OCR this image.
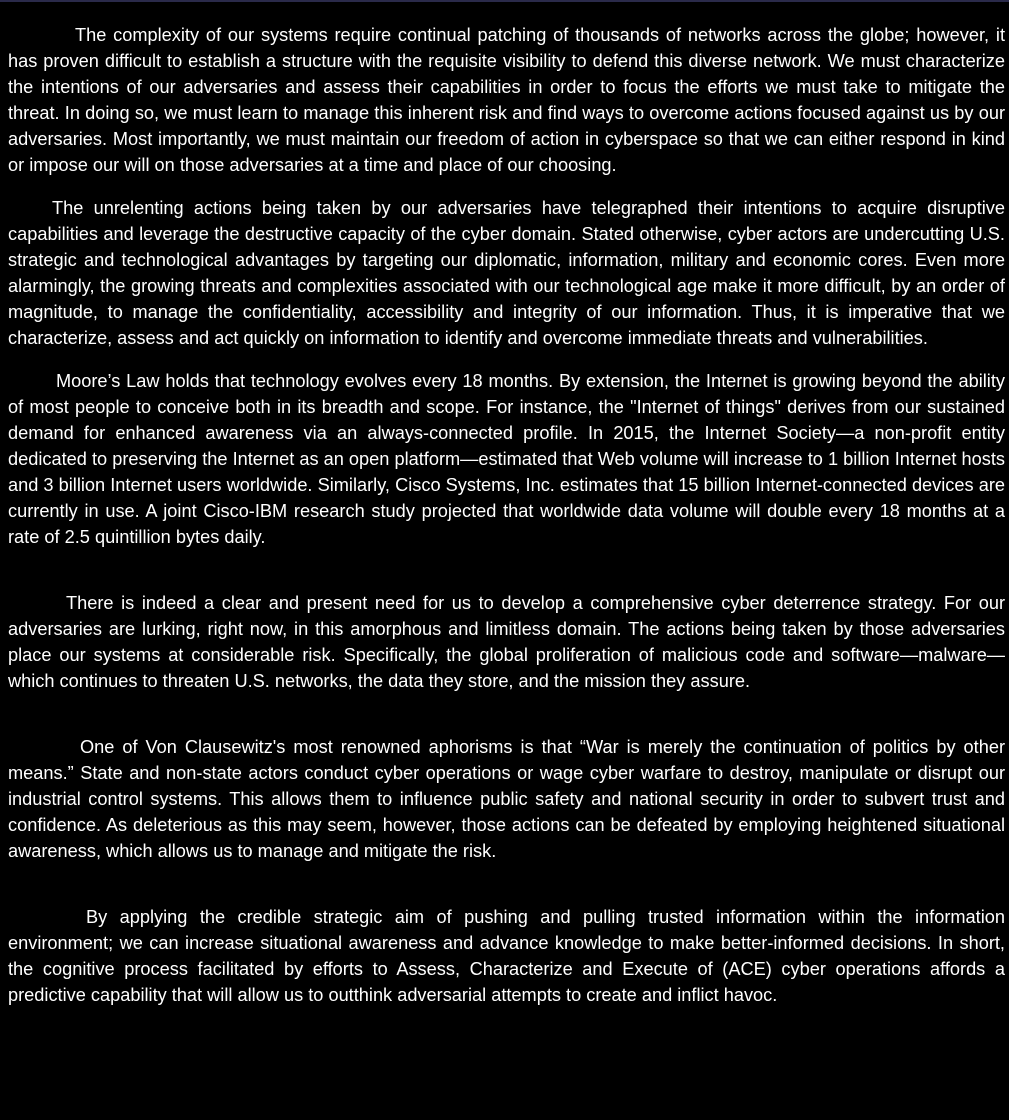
The complexity of our systems require continual patching of thousands of networks across the globe; however, it has proven difficult to establish a structure with the requisite visibility to defend this diverse network. We must characterize the intentions of our adversaries and assess their capabilities in order to focus the efforts we must take to mitigate the threat. In doing so, we must learn to manage this inherent risk and find ways to overcome actions focused against us by our adversaries. Most importantly, we must maintain our freedom of action in cyberspace so that we can either respond in kind or impose our will on those adversaries at a time and place of our choosing.

The unrelenting actions being taken by our adversaries have telegraphed their intentions to acquire disruptive capabilities and leverage the destructive capacity of the cyber domain. Stated otherwise, cyber actors are undercutting U.S. strategic and technological advantages by targeting our diplomatic, information, military and economic cores. Even more alarmingly, the growing threats and complexities associated with our technological age make it more difficult, by an order of magnitude, to manage the confidentiality, accessibility and integrity of our information. Thus, it is imperative that we characterize, assess and act quickly on information to identify and overcome immediate threats and vulnerabilities.

Moore’s Law holds that technology evolves every 18 months. By extension, the Internet is growing beyond the ability of most people to conceive both in its breadth and scope. For instance, the "Internet of things" derives from our sustained demand for enhanced awareness via an always-connected profile. In 2015, the Internet Society—a non-profit entity dedicated to preserving the Internet as an open platform—estimated that Web volume will increase to 1 billion Internet hosts and 3 billion Internet users worldwide. Similarly, Cisco Systems, Inc. estimates that 15 billion Internet-connected devices are currently in use. A joint Cisco-IBM research study projected that worldwide data volume will double every 18 months at a rate of 2.5 quintillion bytes daily.

There is indeed a clear and present need for us to develop a comprehensive cyber deterrence strategy. For our adversaries are lurking, right now, in this amorphous and limitless domain. The actions being taken by those adversaries place our systems at considerable risk. Specifically, the global proliferation of malicious code and software—malware—which continues to threaten U.S. networks, the data they store, and the mission they assure.

One of Von Clausewitz's most renowned aphorisms is that “War is merely the continuation of politics by other means.” State and non-state actors conduct cyber operations or wage cyber warfare to destroy, manipulate or disrupt our industrial control systems. This allows them to influence public safety and national security in order to subvert trust and confidence. As deleterious as this may seem, however, those actions can be defeated by employing heightened situational awareness, which allows us to manage and mitigate the risk.

By applying the credible strategic aim of pushing and pulling trusted information within the information environment; we can increase situational awareness and advance knowledge to make better-informed decisions. In short, the cognitive process facilitated by efforts to Assess, Characterize and Execute of (ACE) cyber operations affords a predictive capability that will allow us to outthink adversarial attempts to create and inflict havoc.
